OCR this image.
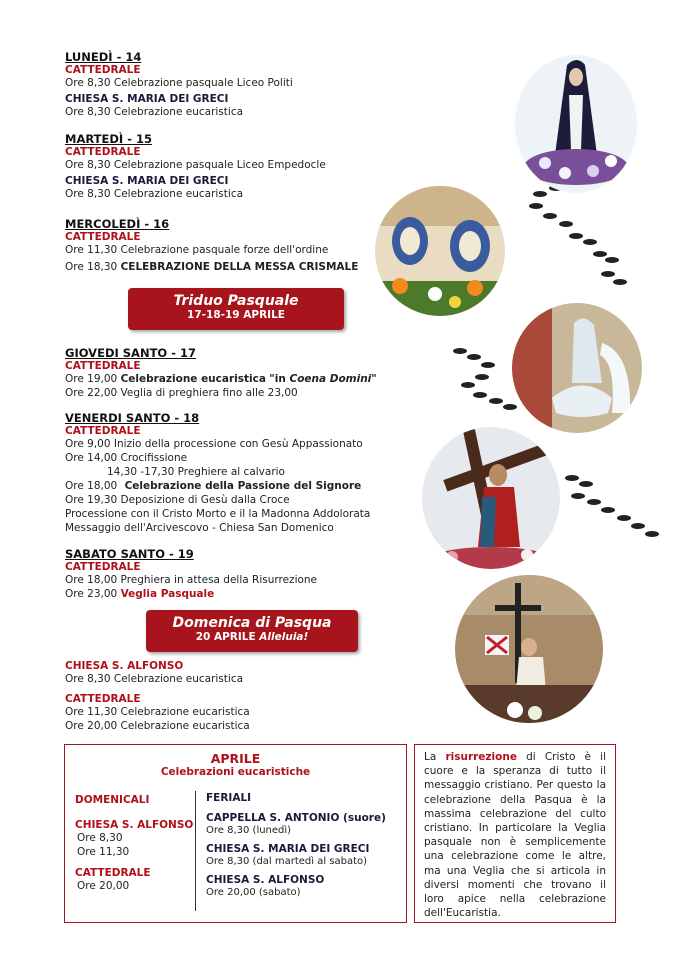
LUNEDÌ - 14
CATTEDRALE
Ore 8,30 Celebrazione pasquale Liceo Politi
CHIESA S. MARIA DEI GRECI
Ore 8,30 Celebrazione eucaristica
MARTEDÌ - 15
CATTEDRALE
Ore 8,30 Celebrazione pasquale Liceo Empedocle
CHIESA S. MARIA DEI GRECI
Ore 8,30 Celebrazione eucaristica
MERCOLEDÌ - 16
CATTEDRALE
Ore 11,30 Celebrazione pasquale forze dell'ordine
Ore 18,30 CELEBRAZIONE DELLA MESSA CRISMALE
Triduo Pasquale
17-18-19 APRILE
GIOVEDI SANTO - 17
CATTEDRALE
Ore 19,00 Celebrazione eucaristica "in Coena Domini"
Ore 22,00 Veglia di preghiera fino alle 23,00
VENERDI SANTO - 18
CATTEDRALE
Ore 9,00 Inizio della processione con Gesù Appassionato
Ore 14,00 Crocifissione
14,30 -17,30 Preghiere al calvario
Ore 18,00 Celebrazione della Passione del Signore
Ore 19,30 Deposizione di Gesù dalla Croce
Processione con il Cristo Morto e il la Madonna Addolorata
Messaggio dell'Arcivescovo - Chiesa San Domenico
SABATO SANTO - 19
CATTEDRALE
Ore 18,00 Preghiera in attesa della Risurrezione
Ore 23,00 Veglia Pasquale
Domenica di Pasqua
20 APRILE Alleluia!
CHIESA S. ALFONSO
Ore 8,30 Celebrazione eucaristica
CATTEDRALE
Ore 11,30 Celebrazione eucaristica
Ore 20,00 Celebrazione eucaristica
APRILE
Celebrazioni eucaristiche
DOMENICALI
CHIESA S. ALFONSO
Ore 8,30
Ore 11,30
CATTEDRALE
Ore 20,00
FERIALI
CAPPELLA S. ANTONIO (suore)
Ore 8,30 (lunedì)
CHIESA S. MARIA DEI GRECI
Ore 8,30 (dal martedì al sabato)
CHIESA S. ALFONSO
Ore 20,00 (sabato)
La risurrezione di Cristo è il cuore e la speranza di tutto il messaggio cristiano. Per questo la celebrazione della Pasqua è la massima celebrazione del culto cristiano. In particolare la Veglia pasquale non è semplicemente una celebrazione come le altre, ma una Veglia che si articola in diversi momenti che trovano il loro apice nella celebrazione dell'Eucaristia.
